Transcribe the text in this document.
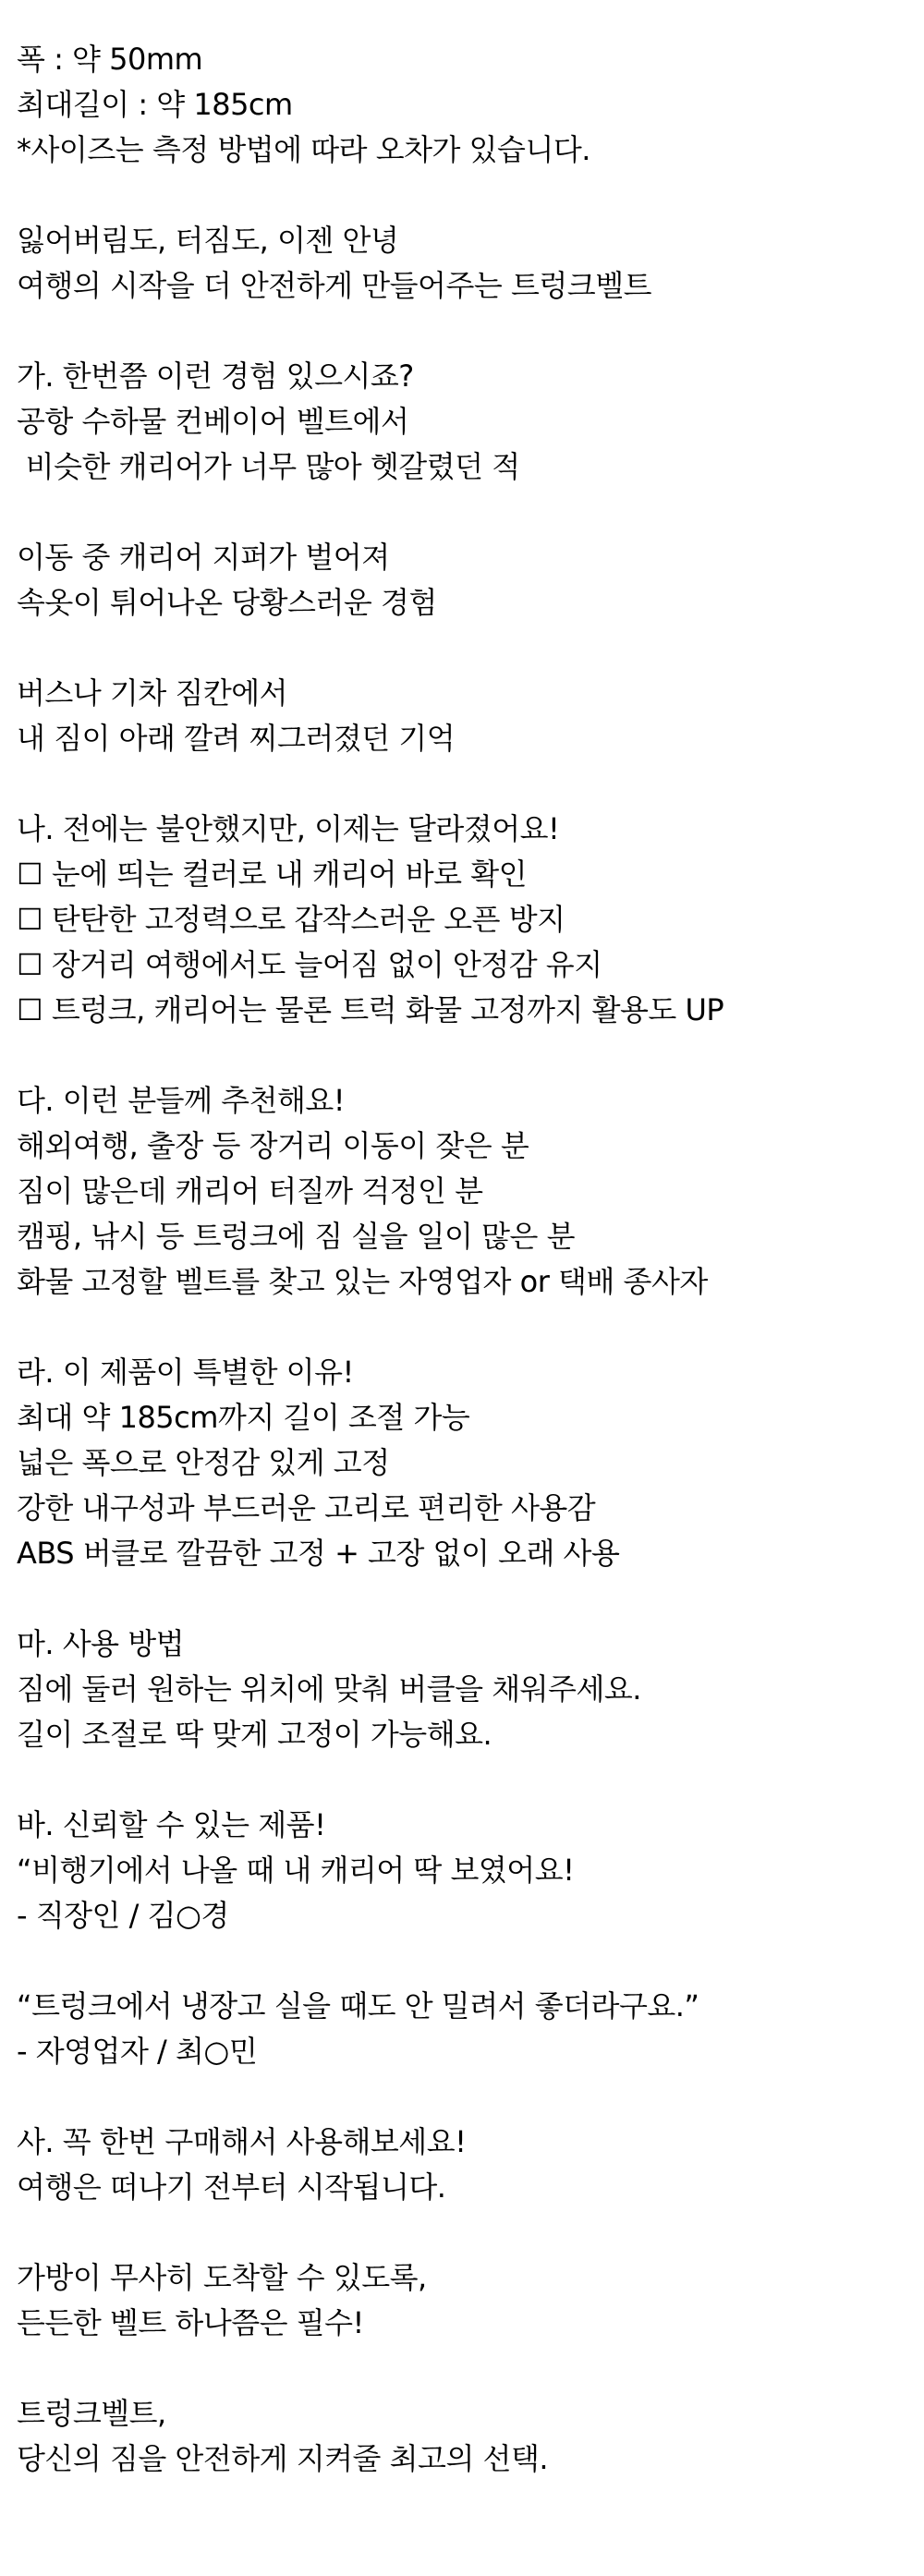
폭 : 약 50mm
최대길이 : 약 185cm
*사이즈는 측정 방법에 따라 오차가 있습니다.
잃어버림도, 터짐도, 이젠 안녕
여행의 시작을 더 안전하게 만들어주는 트렁크벨트
가. 한번쯤 이런 경험 있으시죠?
공항 수하물 컨베이어 벨트에서
비슷한 캐리어가 너무 많아 헷갈렸던 적
이동 중 캐리어 지퍼가 벌어져
속옷이 튀어나온 당황스러운 경험
버스나 기차 짐칸에서
내 짐이 아래 깔려 찌그러졌던 기억
나. 전에는 불안했지만, 이제는 달라졌어요!
☐ 눈에 띄는 컬러로 내 캐리어 바로 확인
☐ 탄탄한 고정력으로 갑작스러운 오픈 방지
☐ 장거리 여행에서도 늘어짐 없이 안정감 유지
☐ 트렁크, 캐리어는 물론 트럭 화물 고정까지 활용도 UP
다. 이런 분들께 추천해요!
해외여행, 출장 등 장거리 이동이 잦은 분
짐이 많은데 캐리어 터질까 걱정인 분
캠핑, 낚시 등 트렁크에 짐 실을 일이 많은 분
화물 고정할 벨트를 찾고 있는 자영업자 or 택배 종사자
라. 이 제품이 특별한 이유!
최대 약 185cm까지 길이 조절 가능
넓은 폭으로 안정감 있게 고정
강한 내구성과 부드러운 고리로 편리한 사용감
ABS 버클로 깔끔한 고정 + 고장 없이 오래 사용
마. 사용 방법
짐에 둘러 원하는 위치에 맞춰 버클을 채워주세요.
길이 조절로 딱 맞게 고정이 가능해요.
바. 신뢰할 수 있는 제품!
“비행기에서 나올 때 내 캐리어 딱 보였어요!
- 직장인 / 김○경
“트렁크에서 냉장고 실을 때도 안 밀려서 좋더라구요.”
- 자영업자 / 최○민
사. 꼭 한번 구매해서 사용해보세요!
여행은 떠나기 전부터 시작됩니다.
가방이 무사히 도착할 수 있도록,
든든한 벨트 하나쯤은 필수!
트렁크벨트,
당신의 짐을 안전하게 지켜줄 최고의 선택.
